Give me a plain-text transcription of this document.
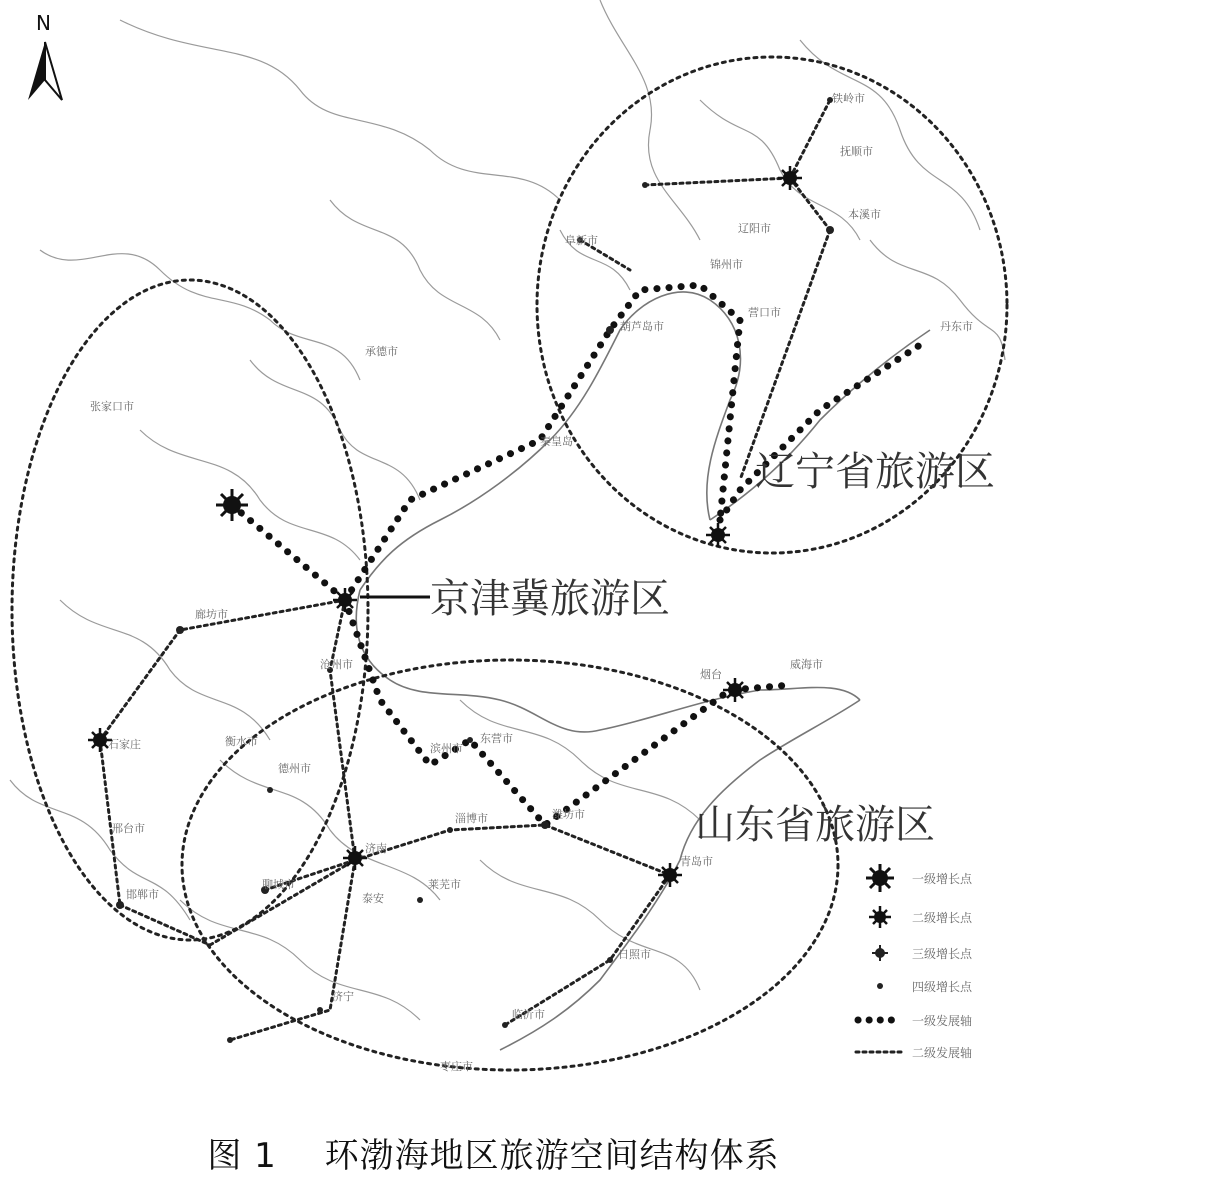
铁岭市
抚顺市
本溪市
辽阳市
阜新市
锦州市
营口市
葫芦岛市	丹东市
秦皇岛
承德市
张家口市
廊坊市
石家庄
沧州市
衡水市
邢台市
邯郸市
德州市
聊城市
东营市
滨州市
潍坊市
淄博市
济南
泰安
莱芜市
烟台
威海市
日照市
临沂市
枣庄市
济宁
青岛市
辽宁省旅游区
京津冀旅游区
山东省旅游区
N
一级增长点
二级增长点
三级增长点
四级增长点
一级发展轴
二级发展轴
图 1 环渤海地区旅游空间结构体系
